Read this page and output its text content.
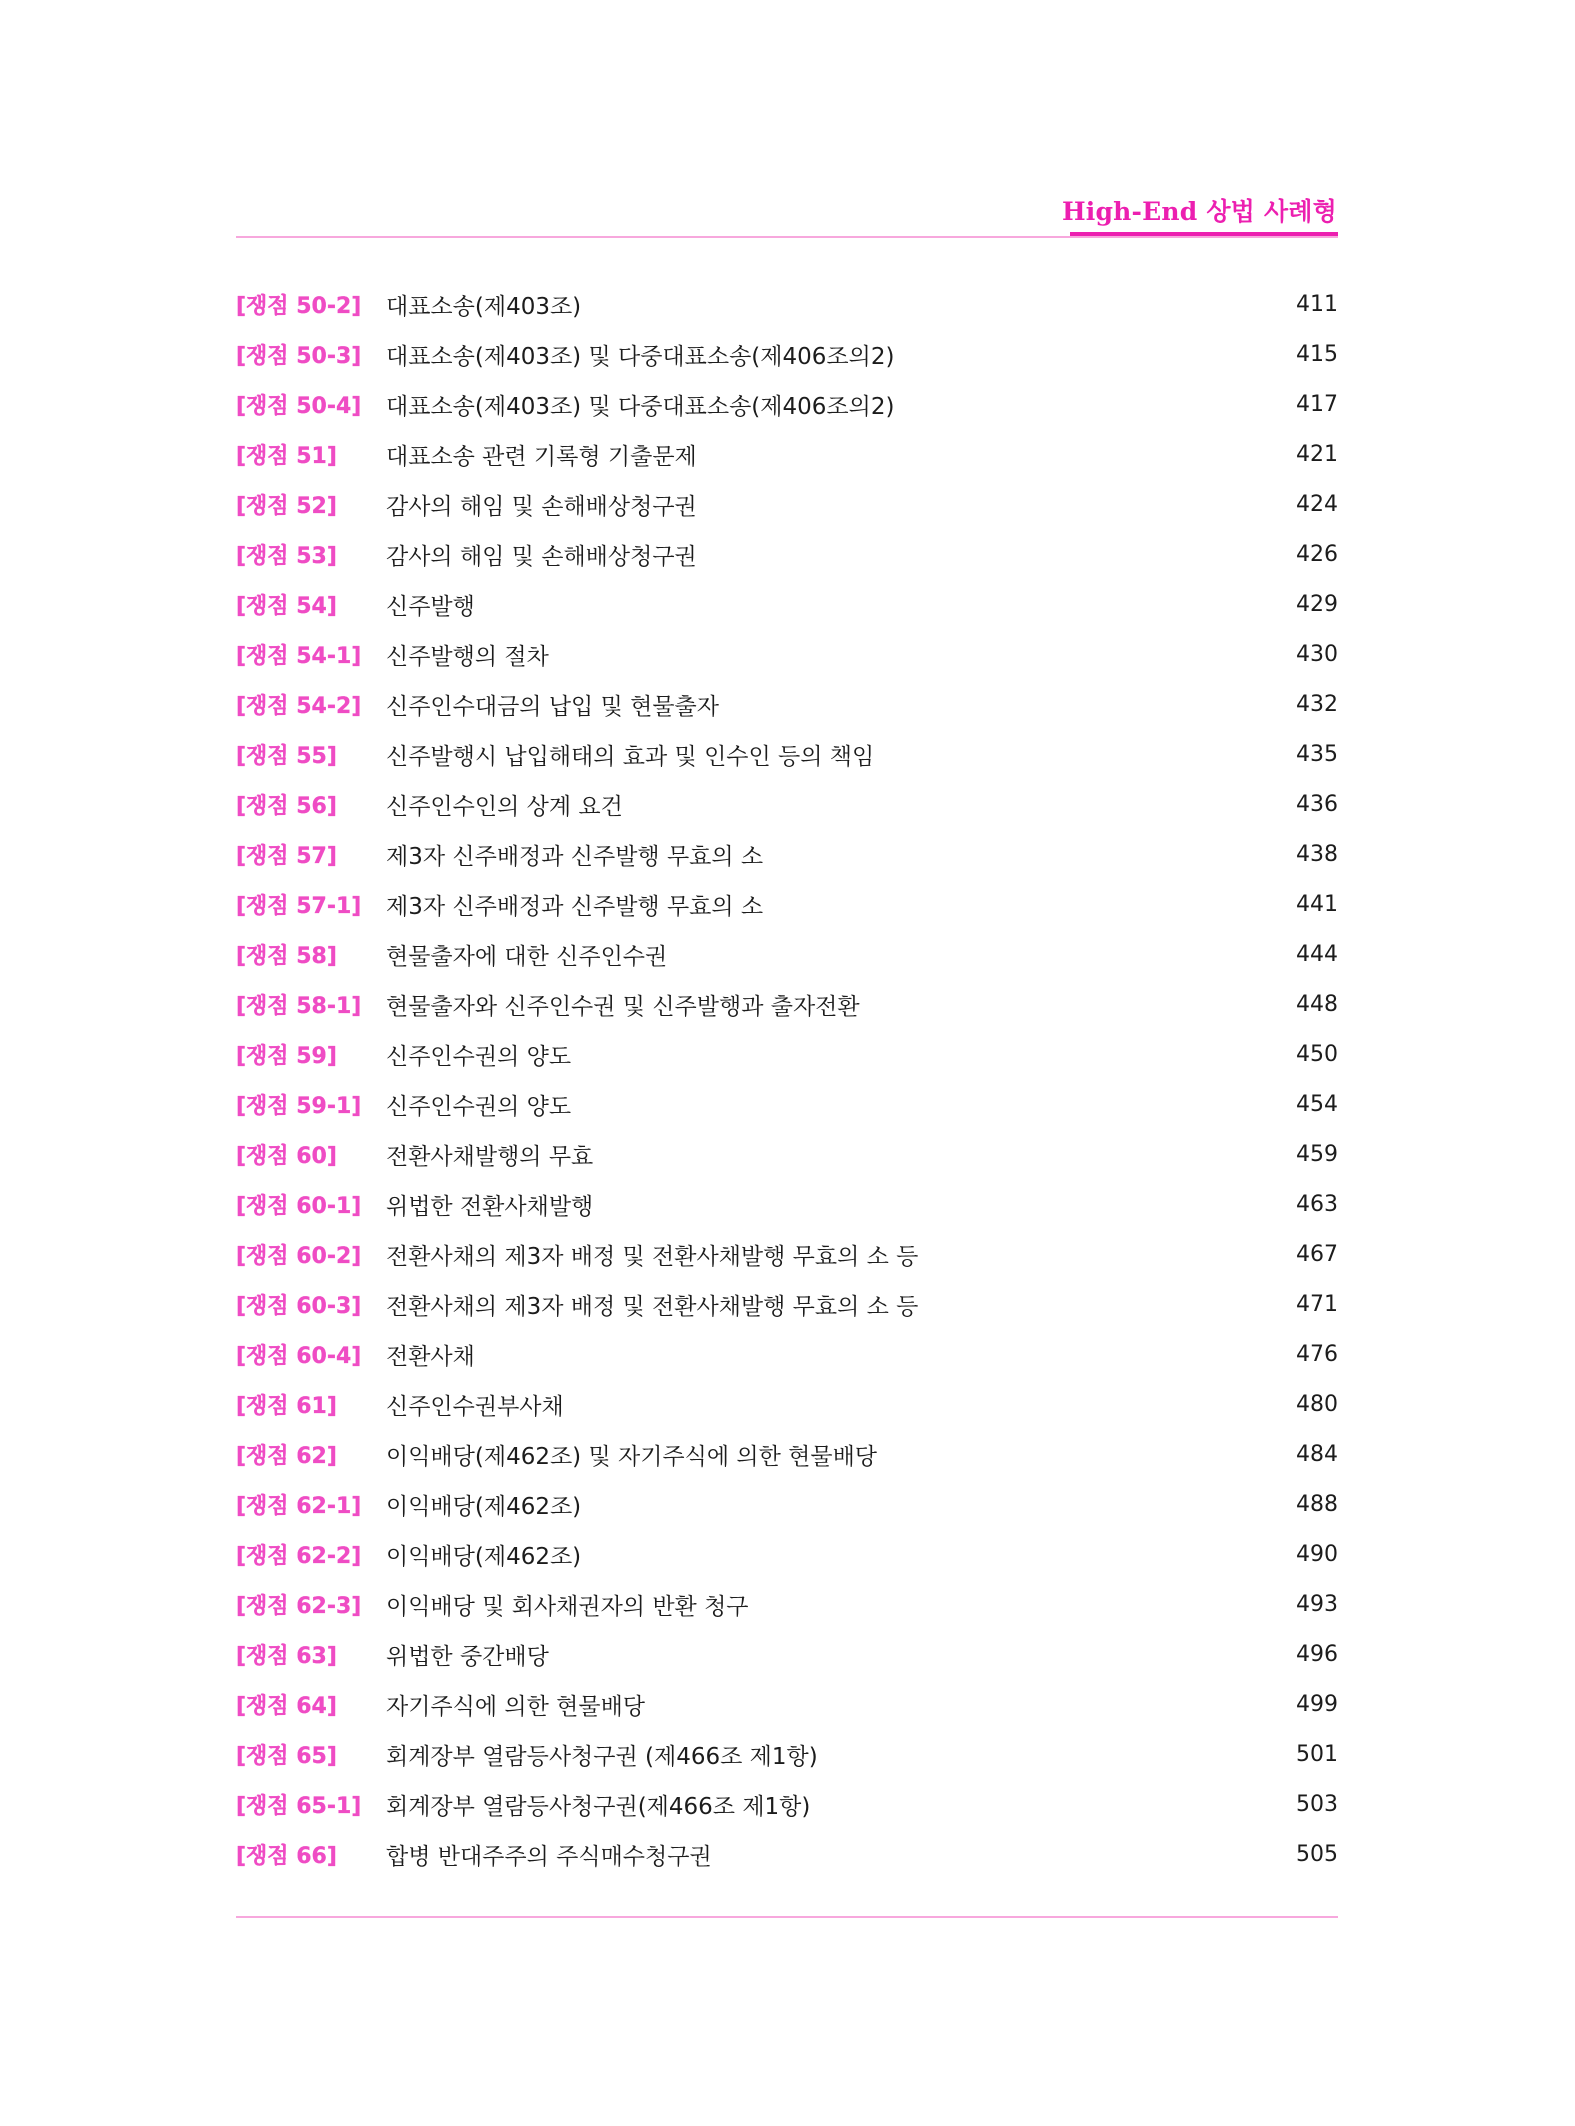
High-End 상법 사례형
[쟁점 50-2]	대표소송(제403조)	411
[쟁점 50-3]	대표소송(제403조) 및 다중대표소송(제406조의2)	415
[쟁점 50-4]	대표소송(제403조) 및 다중대표소송(제406조의2)	417
[쟁점 51]	대표소송 관련 기록형 기출문제	421
[쟁점 52]	감사의 해임 및 손해배상청구권	424
[쟁점 53]	감사의 해임 및 손해배상청구권	426
[쟁점 54]	신주발행	429
[쟁점 54-1]	신주발행의 절차	430
[쟁점 54-2]	신주인수대금의 납입 및 현물출자	432
[쟁점 55]	신주발행시 납입해태의 효과 및 인수인 등의 책임	435
[쟁점 56]	신주인수인의 상계 요건	436
[쟁점 57]	제3자 신주배정과 신주발행 무효의 소	438
[쟁점 57-1]	제3자 신주배정과 신주발행 무효의 소	441
[쟁점 58]	현물출자에 대한 신주인수권	444
[쟁점 58-1]	현물출자와 신주인수권 및 신주발행과 출자전환	448
[쟁점 59]	신주인수권의 양도	450
[쟁점 59-1]	신주인수권의 양도	454
[쟁점 60]	전환사채발행의 무효	459
[쟁점 60-1]	위법한 전환사채발행	463
[쟁점 60-2]	전환사채의 제3자 배정 및 전환사채발행 무효의 소 등	467
[쟁점 60-3]	전환사채의 제3자 배정 및 전환사채발행 무효의 소 등	471
[쟁점 60-4]	전환사채	476
[쟁점 61]	신주인수권부사채	480
[쟁점 62]	이익배당(제462조) 및 자기주식에 의한 현물배당	484
[쟁점 62-1]	이익배당(제462조)	488
[쟁점 62-2]	이익배당(제462조)	490
[쟁점 62-3]	이익배당 및 회사채권자의 반환 청구	493
[쟁점 63]	위법한 중간배당	496
[쟁점 64]	자기주식에 의한 현물배당	499
[쟁점 65]	회계장부 열람등사청구권 (제466조 제1항)	501
[쟁점 65-1]	회계장부 열람등사청구권(제466조 제1항)	503
[쟁점 66]	합병 반대주주의 주식매수청구권	505
